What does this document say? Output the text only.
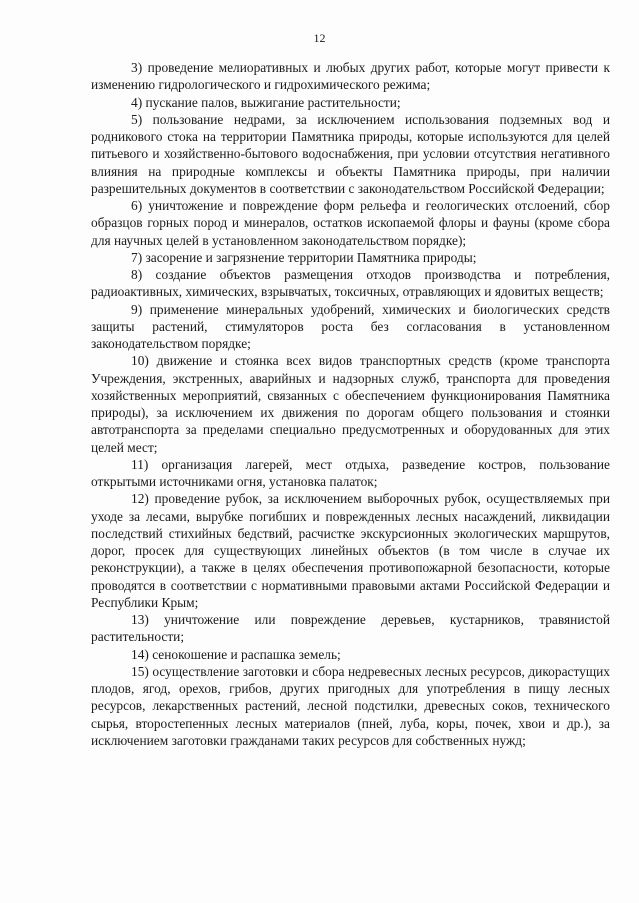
12

3) проведение мелиоративных и любых других работ, которые могут привести к изменению гидрологического и гидрохимического режима;

4) пускание палов, выжигание растительности;

5) пользование недрами, за исключением использования подземных вод и родникового стока на территории Памятника природы, которые используются для целей питьевого и хозяйственно-бытового водоснабжения, при условии отсутствия негативного влияния на природные комплексы и объекты Памятника природы, при наличии разрешительных документов в соответствии с законодательством Российской Федерации;

6) уничтожение и повреждение форм рельефа и геологических отслоений, сбор образцов горных пород и минералов, остатков ископаемой флоры и фауны (кроме сбора для научных целей в установленном законодательством порядке);

7) засорение и загрязнение территории Памятника природы;

8) создание объектов размещения отходов производства и потребления, радиоактивных, химических, взрывчатых, токсичных, отравляющих и ядовитых веществ;

9) применение минеральных удобрений, химических и биологических средств защиты растений, стимуляторов роста без согласования в установленном законодательством порядке;

10) движение и стоянка всех видов транспортных средств (кроме транспорта Учреждения, экстренных, аварийных и надзорных служб, транспорта для проведения хозяйственных мероприятий, связанных с обеспечением функционирования Памятника природы), за исключением их движения по дорогам общего пользования и стоянки автотранспорта за пределами специально предусмотренных и оборудованных для этих целей мест;

11) организация лагерей, мест отдыха, разведение костров, пользование открытыми источниками огня, установка палаток;

12) проведение рубок, за исключением выборочных рубок, осуществляемых при уходе за лесами, вырубке погибших и поврежденных лесных насаждений, ликвидации последствий стихийных бедствий, расчистке экскурсионных экологических маршрутов, дорог, просек для существующих линейных объектов (в том числе в случае их реконструкции), а также в целях обеспечения противопожарной безопасности, которые проводятся в соответствии с нормативными правовыми актами Российской Федерации и Республики Крым;

13) уничтожение или повреждение деревьев, кустарников, травянистой растительности;

14) сенокошение и распашка земель;

15) осуществление заготовки и сбора недревесных лесных ресурсов, дикорастущих плодов, ягод, орехов, грибов, других пригодных для употребления в пищу лесных ресурсов, лекарственных растений, лесной подстилки, древесных соков, технического сырья, второстепенных лесных материалов (пней, луба, коры, почек, хвои и др.), за исключением заготовки гражданами таких ресурсов для собственных нужд;
